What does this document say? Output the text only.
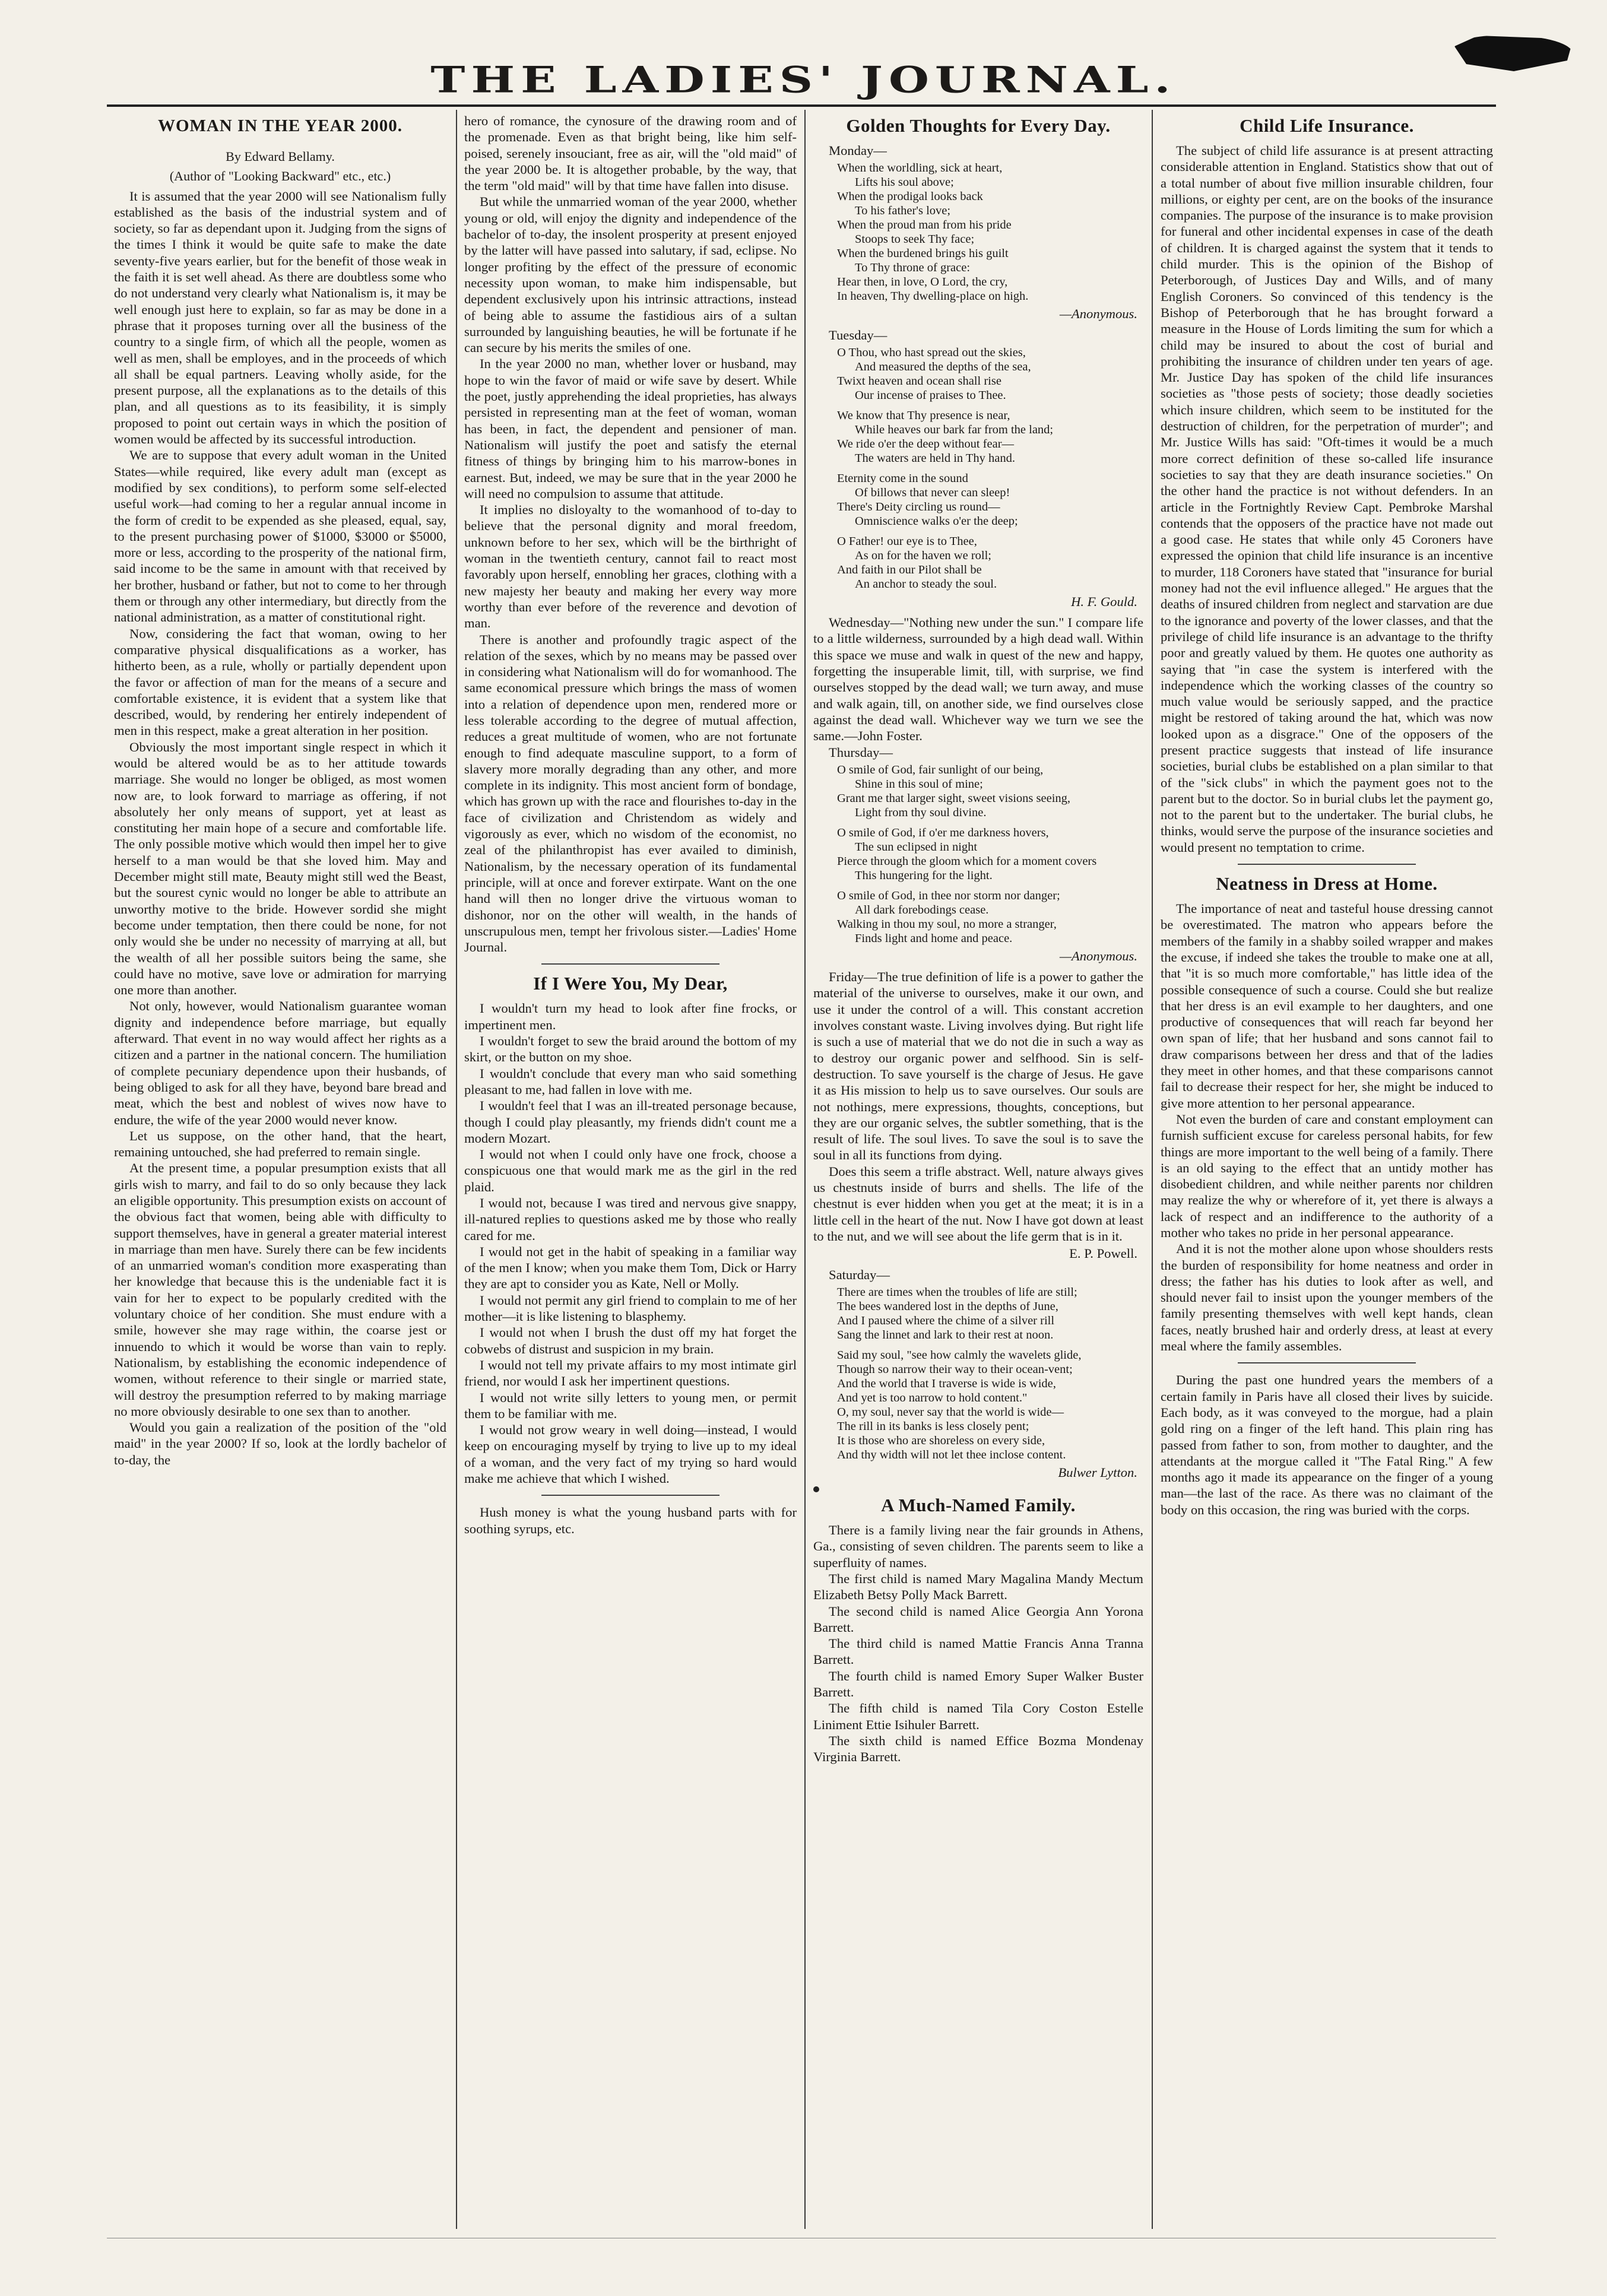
THE LADIES' JOURNAL.
WOMAN IN THE YEAR 2000.
By Edward Bellamy.
(Author of "Looking Backward" etc., etc.)

It is assumed that the year 2000 will see Nationalism fully established as the basis of the industrial system and of society, so far as dependant upon it. Judging from the signs of the times I think it would be quite safe to make the date seventy-five years earlier, but for the benefit of those weak in the faith it is set well ahead. As there are doubtless some who do not understand very clearly what Nationalism is, it may be well enough just here to explain, so far as may be done in a phrase that it proposes turning over all the business of the country to a single firm, of which all the people, women as well as men, shall be employes, and in the proceeds of which all shall be equal partners. Leaving wholly aside, for the present purpose, all the explanations as to the details of this plan, and all questions as to its feasibility, it is simply proposed to point out certain ways in which the position of women would be affected by its successful introduction.

We are to suppose that every adult woman in the United States—while required, like every adult man (except as modified by sex conditions), to perform some self-elected useful work—had coming to her a regular annual income in the form of credit to be expended as she pleased, equal, say, to the present purchasing power of $1000, $3000 or $5000, more or less, according to the prosperity of the national firm, said income to be the same in amount with that received by her brother, husband or father, but not to come to her through them or through any other intermediary, but directly from the national administration, as a matter of constitutional right.

Now, considering the fact that woman, owing to her comparative physical disqualifications as a worker, has hitherto been, as a rule, wholly or partially dependent upon the favor or affection of man for the means of a secure and comfortable existence, it is evident that a system like that described, would, by rendering her entirely independent of men in this respect, make a great alteration in her position.

Obviously the most important single respect in which it would be altered would be as to her attitude towards marriage. She would no longer be obliged, as most women now are, to look forward to marriage as offering, if not absolutely her only means of support, yet at least as constituting her main hope of a secure and comfortable life. The only possible motive which would then impel her to give herself to a man would be that she loved him. May and December might still mate, Beauty might still wed the Beast, but the sourest cynic would no longer be able to attribute an unworthy motive to the bride. However sordid she might become under temptation, then there could be none, for not only would she be under no necessity of marrying at all, but the wealth of all her possible suitors being the same, she could have no motive, save love or admiration for marrying one more than another.

Not only, however, would Nationalism guarantee woman dignity and independence before marriage, but equally afterward. That event in no way would affect her rights as a citizen and a partner in the national concern. The humiliation of complete pecuniary dependence upon their husbands, of being obliged to ask for all they have, beyond bare bread and meat, which the best and noblest of wives now have to endure, the wife of the year 2000 would never know.

Let us suppose, on the other hand, that the heart, remaining untouched, she had preferred to remain single.

At the present time, a popular presumption exists that all girls wish to marry, and fail to do so only because they lack an eligible opportunity. This presumption exists on account of the obvious fact that women, being able with difficulty to support themselves, have in general a greater material interest in marriage than men have. Surely there can be few incidents of an unmarried woman's condition more exasperating than her knowledge that because this is the undeniable fact it is vain for her to expect to be popularly credited with the voluntary choice of her condition. She must endure with a smile, however she may rage within, the coarse jest or innuendo to which it would be worse than vain to reply. Nationalism, by establishing the economic independence of women, without reference to their single or married state, will destroy the presumption referred to by making marriage no more obviously desirable to one sex than to another.

Would you gain a realization of the position of the "old maid" in the year 2000? If so, look at the lordly bachelor of to-day, the

hero of romance, the cynosure of the drawing room and of the promenade. Even as that bright being, like him self-poised, serenely insouciant, free as air, will the "old maid" of the year 2000 be. It is altogether probable, by the way, that the term "old maid" will by that time have fallen into disuse.

But while the unmarried woman of the year 2000, whether young or old, will enjoy the dignity and independence of the bachelor of to-day, the insolent prosperity at present enjoyed by the latter will have passed into salutary, if sad, eclipse. No longer profiting by the effect of the pressure of economic necessity upon woman, to make him indispensable, but dependent exclusively upon his intrinsic attractions, instead of being able to assume the fastidious airs of a sultan surrounded by languishing beauties, he will be fortunate if he can secure by his merits the smiles of one.

In the year 2000 no man, whether lover or husband, may hope to win the favor of maid or wife save by desert. While the poet, justly apprehending the ideal proprieties, has always persisted in representing man at the feet of woman, woman has been, in fact, the dependent and pensioner of man. Nationalism will justify the poet and satisfy the eternal fitness of things by bringing him to his marrow-bones in earnest. But, indeed, we may be sure that in the year 2000 he will need no compulsion to assume that attitude.

It implies no disloyalty to the womanhood of to-day to believe that the personal dignity and moral freedom, unknown before to her sex, which will be the birthright of woman in the twentieth century, cannot fail to react most favorably upon herself, ennobling her graces, clothing with a new majesty her beauty and making her every way more worthy than ever before of the reverence and devotion of man.

There is another and profoundly tragic aspect of the relation of the sexes, which by no means may be passed over in considering what Nationalism will do for womanhood. The same economical pressure which brings the mass of women into a relation of dependence upon men, rendered more or less tolerable according to the degree of mutual affection, reduces a great multitude of women, who are not fortunate enough to find adequate masculine support, to a form of slavery more morally degrading than any other, and more complete in its indignity. This most ancient form of bondage, which has grown up with the race and flourishes to-day in the face of civilization and Christendom as widely and vigorously as ever, which no wisdom of the economist, no zeal of the philanthropist has ever availed to diminish, Nationalism, by the necessary operation of its fundamental principle, will at once and forever extirpate. Want on the one hand will then no longer drive the virtuous woman to dishonor, nor on the other will wealth, in the hands of unscrupulous men, tempt her frivolous sister.—Ladies' Home Journal.

If I Were You, My Dear,

I wouldn't turn my head to look after fine frocks, or impertinent men.

I wouldn't forget to sew the braid around the bottom of my skirt, or the button on my shoe.

I wouldn't conclude that every man who said something pleasant to me, had fallen in love with me.

I wouldn't feel that I was an ill-treated personage because, though I could play pleasantly, my friends didn't count me a modern Mozart.

I would not when I could only have one frock, choose a conspicuous one that would mark me as the girl in the red plaid.

I would not, because I was tired and nervous give snappy, ill-natured replies to questions asked me by those who really cared for me.

I would not get in the habit of speaking in a familiar way of the men I know; when you make them Tom, Dick or Harry they are apt to consider you as Kate, Nell or Molly.

I would not permit any girl friend to complain to me of her mother—it is like listening to blasphemy.

I would not when I brush the dust off my hat forget the cobwebs of distrust and suspicion in my brain.

I would not tell my private affairs to my most intimate girl friend, nor would I ask her impertinent questions.

I would not write silly letters to young men, or permit them to be familiar with me.

I would not grow weary in well doing—instead, I would keep on encouraging myself by trying to live up to my ideal of a woman, and the very fact of my trying so hard would make me achieve that which I wished.

Hush money is what the young husband parts with for soothing syrups, etc.

Golden Thoughts for Every Day.

Monday—

When the worldling, sick at heart,
Lifts his soul above;
When the prodigal looks back
To his father's love;
When the proud man from his pride
Stoops to seek Thy face;
When the burdened brings his guilt
To Thy throne of grace:
Hear then, in love, O Lord, the cry,
In heaven, Thy dwelling-place on high.
—Anonymous.

Tuesday—

O Thou, who hast spread out the skies,
And measured the depths of the sea,
Twixt heaven and ocean shall rise
Our incense of praises to Thee.
We know that Thy presence is near,
While heaves our bark far from the land;
We ride o'er the deep without fear—
The waters are held in Thy hand.
Eternity come in the sound
Of billows that never can sleep!
There's Deity circling us round—
Omniscience walks o'er the deep;
O Father! our eye is to Thee,
As on for the haven we roll;
And faith in our Pilot shall be
An anchor to steady the soul.
H. F. Gould.

Wednesday—"Nothing new under the sun." I compare life to a little wilderness, surrounded by a high dead wall. Within this space we muse and walk in quest of the new and happy, forgetting the insuperable limit, till, with surprise, we find ourselves stopped by the dead wall; we turn away, and muse and walk again, till, on another side, we find ourselves close against the dead wall. Whichever way we turn we see the same.—John Foster.

Thursday—

O smile of God, fair sunlight of our being,
Shine in this soul of mine;
Grant me that larger sight, sweet visions seeing,
Light from thy soul divine.
O smile of God, if o'er me darkness hovers,
The sun eclipsed in night
Pierce through the gloom which for a moment covers
This hungering for the light.
O smile of God, in thee nor storm nor danger;
All dark forebodings cease.
Walking in thou my soul, no more a stranger,
Finds light and home and peace.
—Anonymous.

Friday—The true definition of life is a power to gather the material of the universe to ourselves, make it our own, and use it under the control of a will. This constant accretion involves constant waste. Living involves dying. But right life is such a use of material that we do not die in such a way as to destroy our organic power and selfhood. Sin is self-destruction. To save yourself is the charge of Jesus. He gave it as His mission to help us to save ourselves. Our souls are not nothings, mere expressions, thoughts, conceptions, but they are our organic selves, the subtler something, that is the result of life. The soul lives. To save the soul is to save the soul in all its functions from dying.

Does this seem a trifle abstract. Well, nature always gives us chestnuts inside of burrs and shells. The life of the chestnut is ever hidden when you get at the meat; it is in a little cell in the heart of the nut. Now I have got down at least to the nut, and we will see about the life germ that is in it.

E. P. Powell.

Saturday—

There are times when the troubles of life are still;
The bees wandered lost in the depths of June,
And I paused where the chime of a silver rill
Sang the linnet and lark to their rest at noon.
Said my soul, "see how calmly the wavelets glide,
Though so narrow their way to their ocean-vent;
And the world that I traverse is wide is wide,
And yet is too narrow to hold content."
O, my soul, never say that the world is wide—
The rill in its banks is less closely pent;
It is those who are shoreless on every side,
And thy width will not let thee inclose content.
Bulwer Lytton.
A Much-Named Family.

There is a family living near the fair grounds in Athens, Ga., consisting of seven children. The parents seem to like a superfluity of names.

The first child is named Mary Magalina Mandy Mectum Elizabeth Betsy Polly Mack Barrett.

The second child is named Alice Georgia Ann Yorona Barrett.

The third child is named Mattie Francis Anna Tranna Barrett.

The fourth child is named Emory Super Walker Buster Barrett.

The fifth child is named Tila Cory Coston Estelle Liniment Ettie Isihuler Barrett.

The sixth child is named Effice Bozma Mondenay Virginia Barrett.

Child Life Insurance.

The subject of child life assurance is at present attracting considerable attention in England. Statistics show that out of a total number of about five million insurable children, four millions, or eighty per cent, are on the books of the insurance companies. The purpose of the insurance is to make provision for funeral and other incidental expenses in case of the death of children. It is charged against the system that it tends to child murder. This is the opinion of the Bishop of Peterborough, of Justices Day and Wills, and of many English Coroners. So convinced of this tendency is the Bishop of Peterborough that he has brought forward a measure in the House of Lords limiting the sum for which a child may be insured to about the cost of burial and prohibiting the insurance of children under ten years of age. Mr. Justice Day has spoken of the child life insurances societies as "those pests of society; those deadly societies which insure children, which seem to be instituted for the destruction of children, for the perpetration of murder"; and Mr. Justice Wills has said: "Oft-times it would be a much more correct definition of these so-called life insurance societies to say that they are death insurance societies." On the other hand the practice is not without defenders. In an article in the Fortnightly Review Capt. Pembroke Marshal contends that the opposers of the practice have not made out a good case. He states that while only 45 Coroners have expressed the opinion that child life insurance is an incentive to murder, 118 Coroners have stated that "insurance for burial money had not the evil influence alleged." He argues that the deaths of insured children from neglect and starvation are due to the ignorance and poverty of the lower classes, and that the privilege of child life insurance is an advantage to the thrifty poor and greatly valued by them. He quotes one authority as saying that "in case the system is interfered with the independence which the working classes of the country so much value would be seriously sapped, and the practice might be restored of taking around the hat, which was now looked upon as a disgrace." One of the opposers of the present practice suggests that instead of life insurance societies, burial clubs be established on a plan similar to that of the "sick clubs" in which the payment goes not to the parent but to the doctor. So in burial clubs let the payment go, not to the parent but to the undertaker. The burial clubs, he thinks, would serve the purpose of the insurance societies and would present no temptation to crime.

Neatness in Dress at Home.

The importance of neat and tasteful house dressing cannot be overestimated. The matron who appears before the members of the family in a shabby soiled wrapper and makes the excuse, if indeed she takes the trouble to make one at all, that "it is so much more comfortable," has little idea of the possible consequence of such a course. Could she but realize that her dress is an evil example to her daughters, and one productive of consequences that will reach far beyond her own span of life; that her husband and sons cannot fail to draw comparisons between her dress and that of the ladies they meet in other homes, and that these comparisons cannot fail to decrease their respect for her, she might be induced to give more attention to her personal appearance.

Not even the burden of care and constant employment can furnish sufficient excuse for careless personal habits, for few things are more important to the well being of a family. There is an old saying to the effect that an untidy mother has disobedient children, and while neither parents nor children may realize the why or wherefore of it, yet there is always a lack of respect and an indifference to the authority of a mother who takes no pride in her personal appearance.

And it is not the mother alone upon whose shoulders rests the burden of responsibility for home neatness and order in dress; the father has his duties to look after as well, and should never fail to insist upon the younger members of the family presenting themselves with well kept hands, clean faces, neatly brushed hair and orderly dress, at least at every meal where the family assembles.

During the past one hundred years the members of a certain family in Paris have all closed their lives by suicide. Each body, as it was conveyed to the morgue, had a plain gold ring on a finger of the left hand. This plain ring has passed from father to son, from mother to daughter, and the attendants at the morgue called it "The Fatal Ring." A few months ago it made its appearance on the finger of a young man—the last of the race. As there was no claimant of the body on this occasion, the ring was buried with the corps.
